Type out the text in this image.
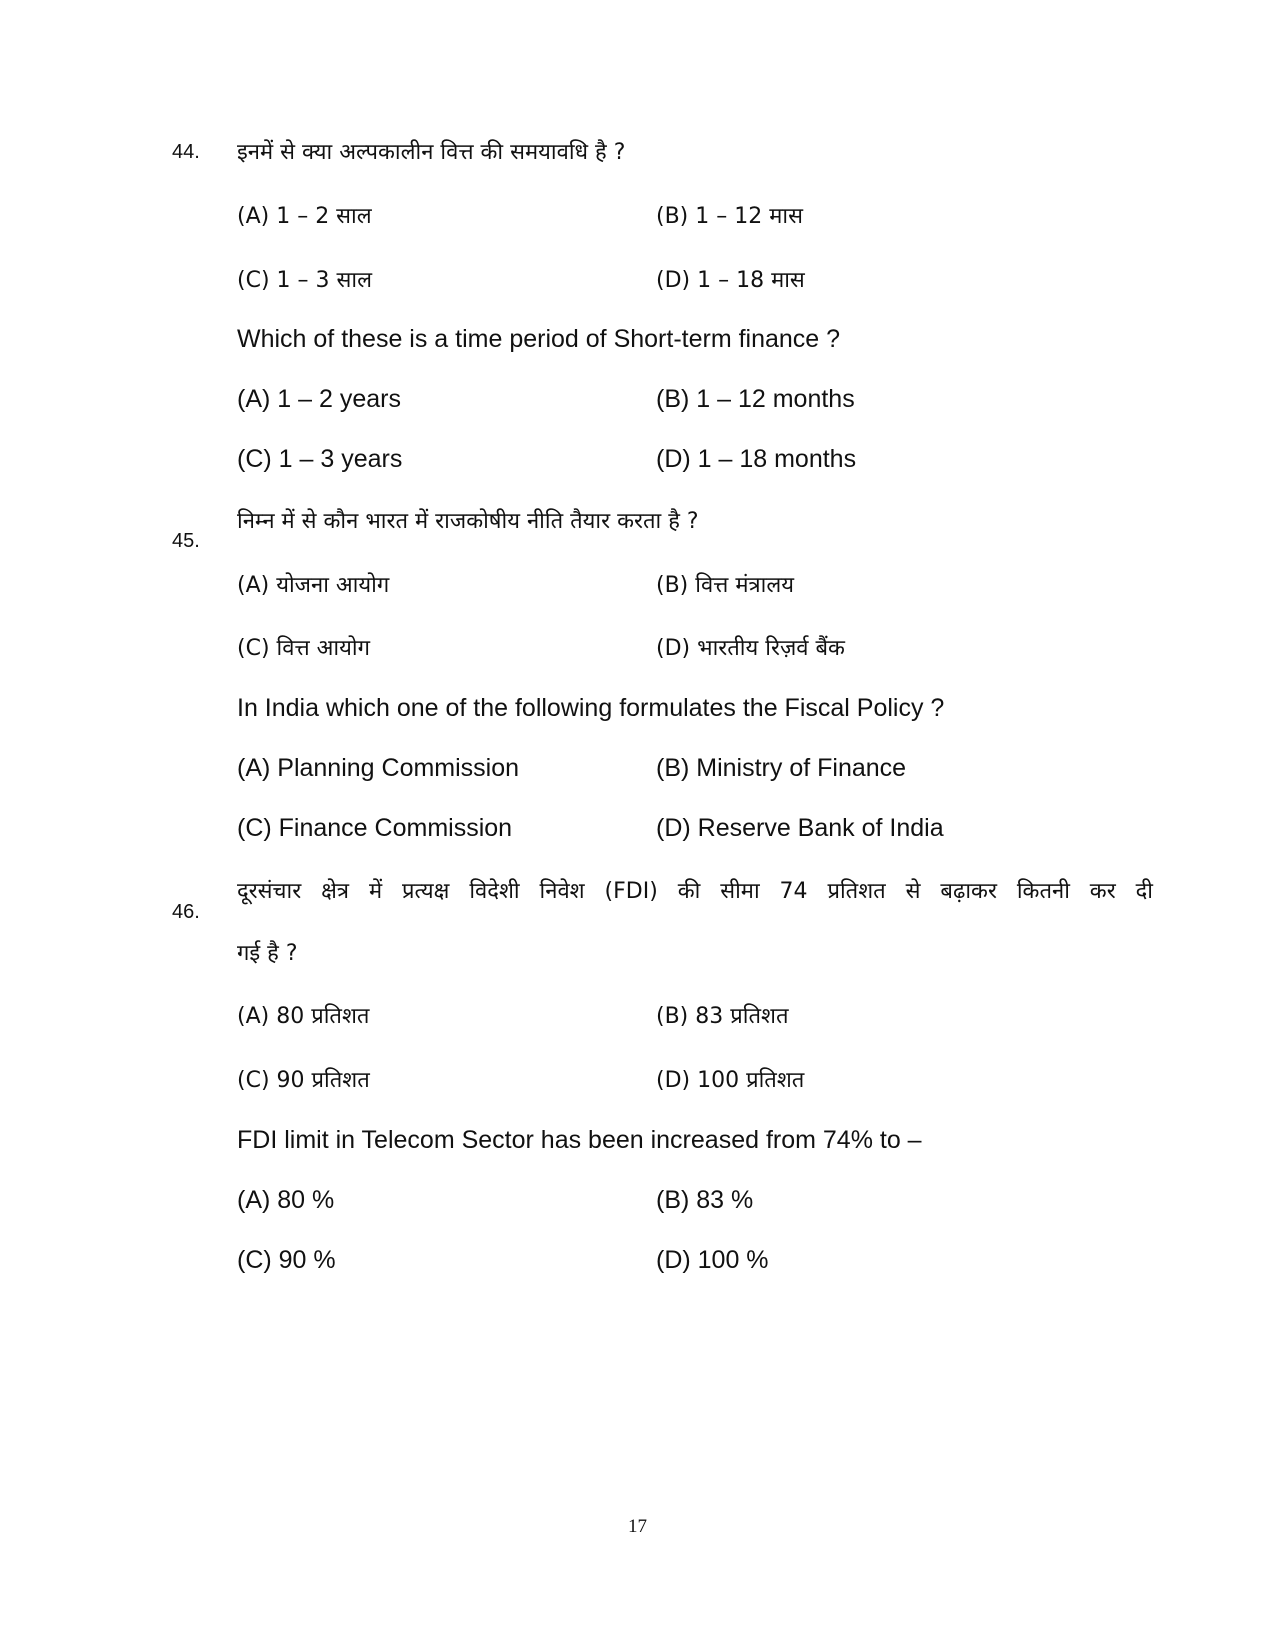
44. इनमें से क्या अल्पकालीन वित्त की समयावधि है ?
(A) 1 – 2 साल	(B) 1 – 12 मास
(C) 1 – 3 साल	(D) 1 – 18 मास
Which of these is a time period of Short-term finance ?
(A) 1 – 2 years	(B) 1 – 12 months
(C) 1 – 3 years	(D) 1 – 18 months
45.
निम्न में से कौन भारत में राजकोषीय नीति तैयार करता है ?
(A) योजना आयोग	(B) वित्त मंत्रालय
(C) वित्त आयोग	(D) भारतीय रिज़र्व बैंक
In India which one of the following formulates the Fiscal Policy ?
(A) Planning Commission	(B) Ministry of Finance
(C) Finance Commission	(D) Reserve Bank of India
46.
दूरसंचार क्षेत्र में प्रत्यक्ष विदेशी निवेश (FDI) की सीमा 74 प्रतिशत से बढ़ाकर कितनी कर दी
गई है ?
(A) 80 प्रतिशत	(B) 83 प्रतिशत
(C) 90 प्रतिशत	(D) 100 प्रतिशत
FDI limit in Telecom Sector has been increased from 74% to –
(A) 80 %	(B) 83 %
(C) 90 %	(D) 100 %
17
